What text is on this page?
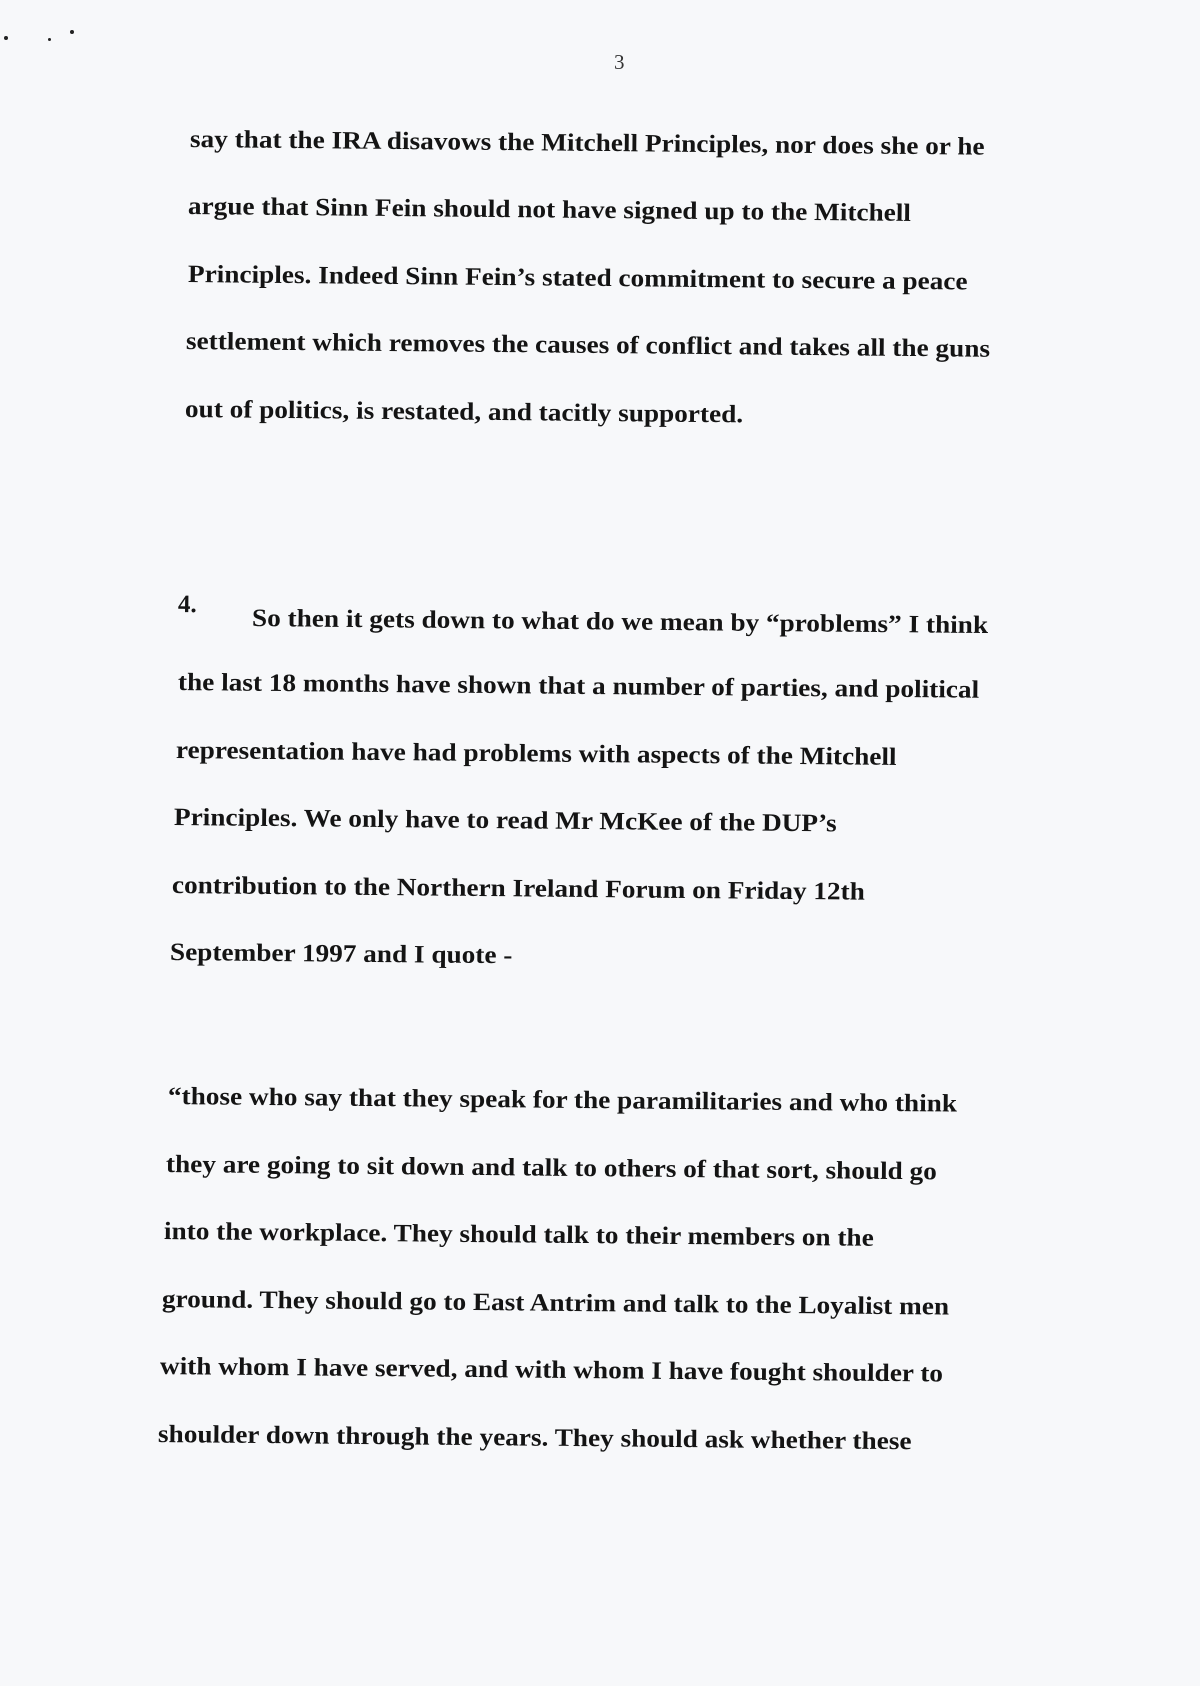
3
say that the IRA disavows the Mitchell Principles, nor does she or he
argue that Sinn Fein should not have signed up to the Mitchell
Principles. Indeed Sinn Fein’s stated commitment to secure a peace
settlement which removes the causes of conflict and takes all the guns
out of politics, is restated, and tacitly supported.
4.
So then it gets down to what do we mean by “problems” I think
the last 18 months have shown that a number of parties, and political
representation have had problems with aspects of the Mitchell
Principles. We only have to read Mr McKee of the DUP’s
contribution to the Northern Ireland Forum on Friday 12th
September 1997 and I quote -
“those who say that they speak for the paramilitaries and who think
they are going to sit down and talk to others of that sort, should go
into the workplace. They should talk to their members on the
ground. They should go to East Antrim and talk to the Loyalist men
with whom I have served, and with whom I have fought shoulder to
shoulder down through the years. They should ask whether these
